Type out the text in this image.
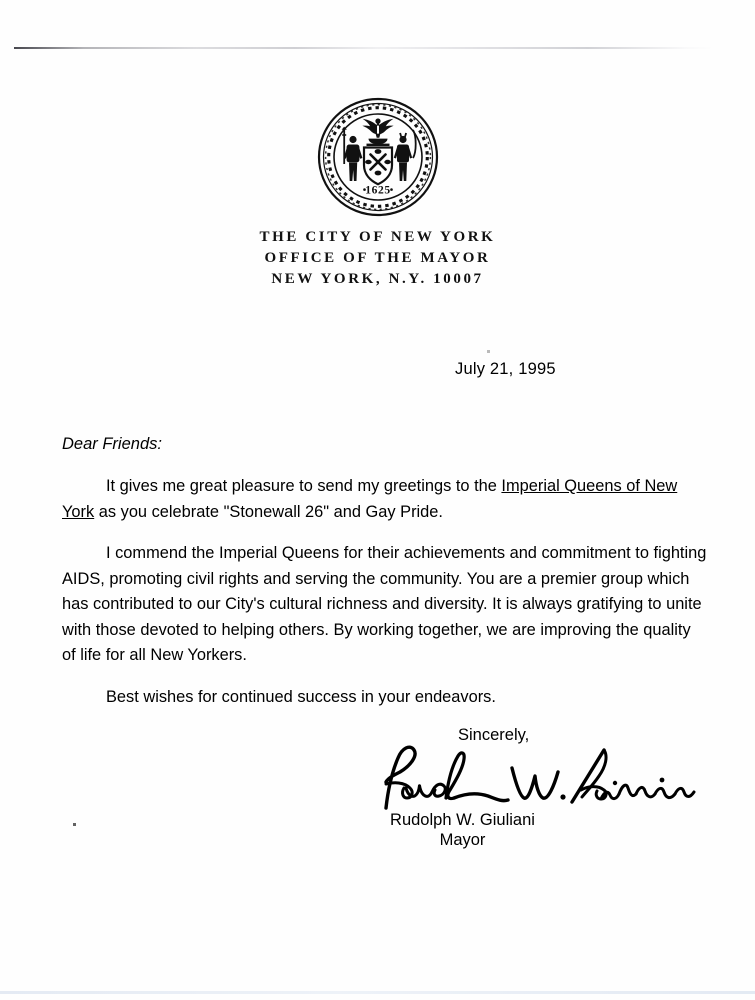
1625
THE CITY OF NEW YORK
OFFICE OF THE MAYOR
NEW YORK, N.Y. 10007
July 21, 1995
Dear Friends:

It gives me great pleasure to send my greetings to the Imperial Queens of New York as you celebrate "Stonewall 26" and Gay Pride.

I commend the Imperial Queens for their achievements and commitment to fighting AIDS, promoting civil rights and serving the community. You are a premier group which has contributed to our City's cultural richness and diversity. It is always gratifying to unite with those devoted to helping others. By working together, we are improving the quality of life for all New Yorkers.

Best wishes for continued success in your endeavors.

Sincerely,
Rudolph W. Giuliani
Mayor
